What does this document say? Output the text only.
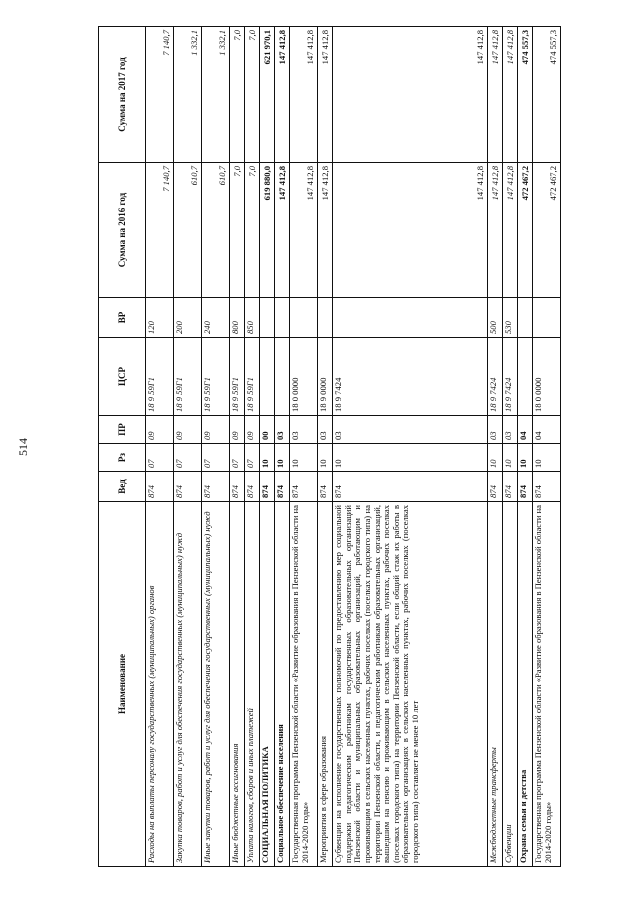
514
Наименование	Вед	Рз	ПР	ЦСР	ВР	Сумма на 2016 год	Сумма на 2017 год
Расходы на выплаты персоналу государственных (муниципальных) органов	874	07	09	18 9 59Г1	120	7 140,7	7 140,7
Закупка товаров, работ и услуг для обеспечения государственных (муниципальных) нужд	874	07	09	18 9 59Г1	200	610,7	1 332,1
Иные закупки товаров, работ и услуг для обеспечения государственных (муниципальных) нужд	874	07	09	18 9 59Г1	240	610,7	1 332,1
Иные бюджетные ассигнования	874	07	09	18 9 59Г1	800	7,0	7,0
Уплата налогов, сборов и иных платежей	874	07	09	18 9 59Г1	850	7,0	7,0
СОЦИАЛЬНАЯ ПОЛИТИКА	874	10	00			619 880,0	621 970,1
Социальное обеспечение населения	874	10	03			147 412,8	147 412,8
Государственная программа Пензенской области «Развитие образования в Пензенской области на 2014-2020 годы»	874	10	03	18 0 0000		147 412,8	147 412,8
Мероприятия в сфере образования	874	10	03	18 9 0000		147 412,8	147 412,8
Субвенции на исполнение государственных полномочий по предоставлению мер социальной поддержки педагогическим работникам государственных образовательных организаций Пензенской области и муниципальных образовательных организаций, работающим и проживающим в сельских населенных пунктах, рабочих поселках (поселках городского типа) на территории Пензенской области, и педагогическим работникам образовательных организаций, вышедшим на пенсию и проживающим в сельских населенных пунктах, рабочих поселках (поселках городского типа) на территории Пензенской области, если общий стаж их работы в образовательных организациях в сельских населенных пунктах, рабочих поселках (поселках городского типа) составляет не менее 10 лет	874	10	03	18 9 7424		147 412,8	147 412,8
Межбюджетные трансферты	874	10	03	18 9 7424	500	147 412,8	147 412,8
Субвенции	874	10	03	18 9 7424	530	147 412,8	147 412,8
Охрана семьи и детства	874	10	04			472 467,2	474 557,3
Государственная программа Пензенской области «Развитие образования в Пензенской области на 2014-2020 годы»	874	10	04	18 0 0000		472 467,2	474 557,3
